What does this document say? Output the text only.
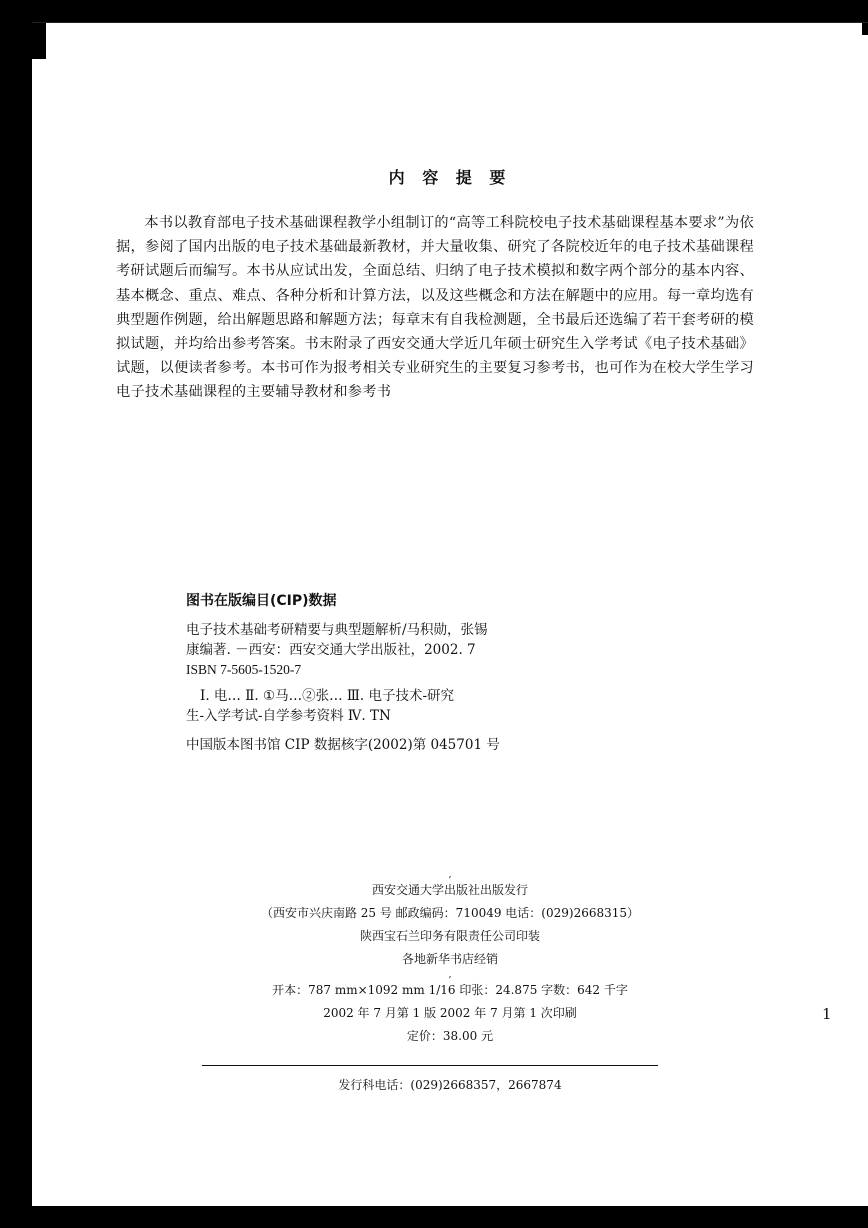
内 容 提 要

本书以教育部电子技术基础课程教学小组制订的“高等工科院校电子技术基础课程基本要求”为依据，参阅了国内出版的电子技术基础最新教材，并大量收集、研究了各院校近年的电子技术基础课程考研试题后而编写。本书从应试出发，全面总结、归纳了电子技术模拟和数字两个部分的基本内容、基本概念、重点、难点、各种分析和计算方法，以及这些概念和方法在解题中的应用。每一章均选有典型题作例题，给出解题思路和解题方法；每章末有自我检测题，全书最后还选编了若干套考研的模拟试题，并均给出参考答案。书末附录了西安交通大学近几年硕士研究生入学考试《电子技术基础》试题，以便读者参考。本书可作为报考相关专业研究生的主要复习参考书，也可作为在校大学生学习电子技术基础课程的主要辅导教材和参考书

图书在版编目(CIP)数据
电子技术基础考研精要与典型题解析/马积勋，张锡
康编著. －西安：西安交通大学出版社，2002. 7
ISBN 7-5605-1520-7
Ⅰ. 电… Ⅱ. ①马…②张… Ⅲ. 电子技术-研究
生-入学考试-自学参考资料 Ⅳ. TN
中国版本图书馆 CIP 数据核字(2002)第 045701 号
,
西安交通大学出版社出版发行
（西安市兴庆南路 25 号 邮政编码：710049 电话：(029)2668315）
陕西宝石兰印务有限责任公司印装
各地新华书店经销
,
开本：787 mm×1092 mm 1/16 印张：24.875 字数：642 千字
2002 年 7 月第 1 版 2002 年 7 月第 1 次印刷
定价：38.00 元
发行科电话：(029)2668357，2667874
1
